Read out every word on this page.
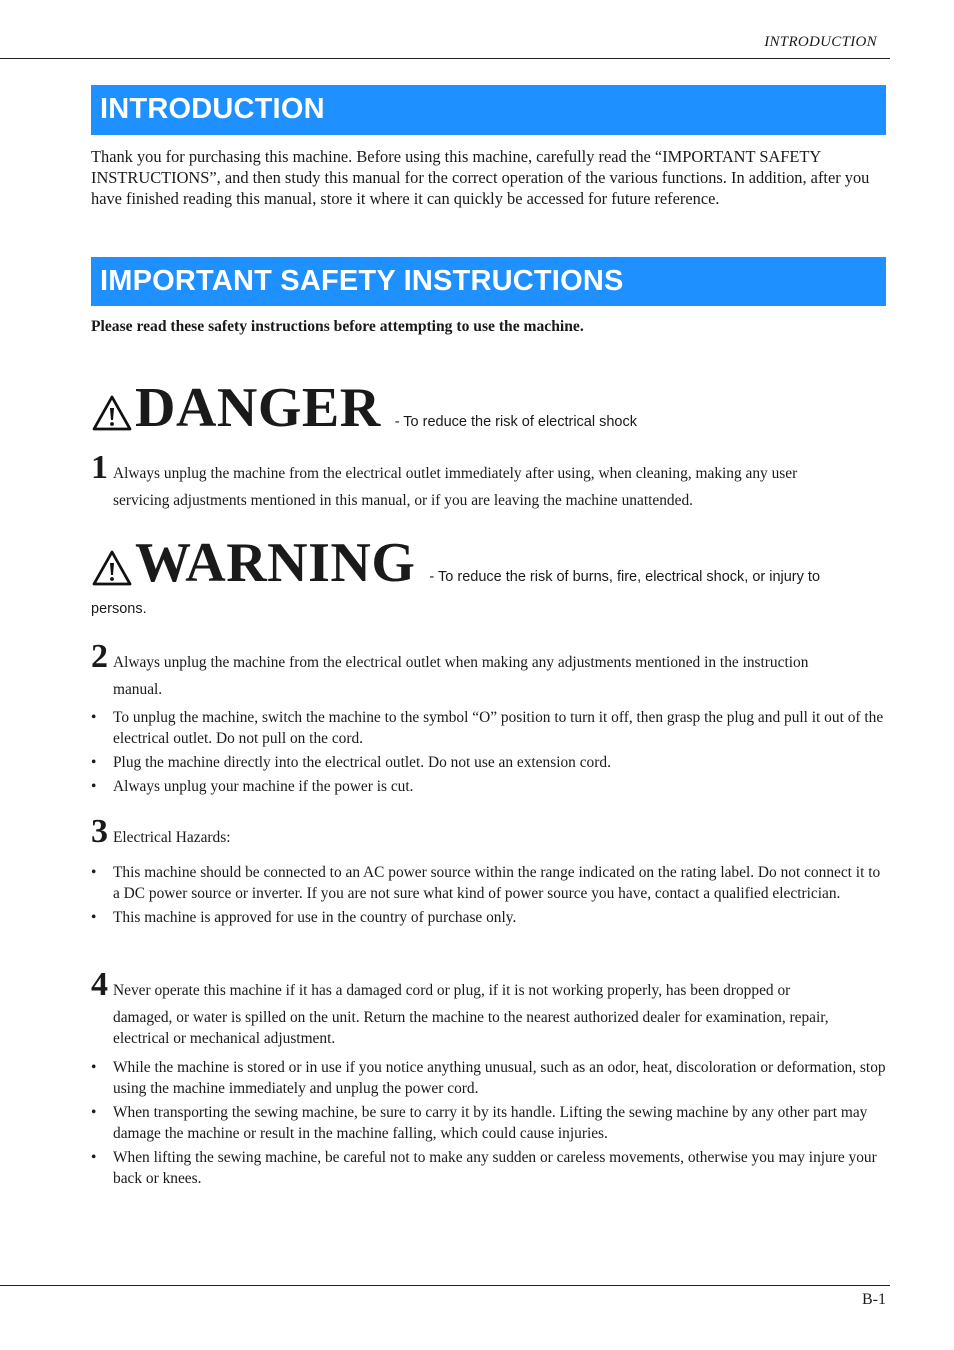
INTRODUCTION
INTRODUCTION

Thank you for purchasing this machine. Before using this machine, carefully read the “IMPORTANT SAFETY INSTRUCTIONS”, and then study this manual for the correct operation of the various functions. In addition, after you have finished reading this manual, store it where it can quickly be accessed for future reference.

IMPORTANT SAFETY INSTRUCTIONS

Please read these safety instructions before attempting to use the machine.

DANGER - To reduce the risk of electrical shock
1 Always unplug the machine from the electrical outlet immediately after using, when cleaning, making any user
servicing adjustments mentioned in this manual, or if you are leaving the machine unattended.
WARNING - To reduce the risk of burns, fire, electrical shock, or injury to
persons.
2 Always unplug the machine from the electrical outlet when making any adjustments mentioned in the instruction
manual.
• To unplug the machine, switch the machine to the symbol “O” position to turn it off, then grasp the plug and pull it out of the electrical outlet. Do not pull on the cord.
• Plug the machine directly into the electrical outlet. Do not use an extension cord.
• Always unplug your machine if the power is cut.
3 Electrical Hazards:
• This machine should be connected to an AC power source within the range indicated on the rating label. Do not connect it to a DC power source or inverter. If you are not sure what kind of power source you have, contact a qualified electrician.
• This machine is approved for use in the country of purchase only.
4 Never operate this machine if it has a damaged cord or plug, if it is not working properly, has been dropped or
damaged, or water is spilled on the unit. Return the machine to the nearest authorized dealer for examination, repair, electrical or mechanical adjustment.
• While the machine is stored or in use if you notice anything unusual, such as an odor, heat, discoloration or deformation, stop using the machine immediately and unplug the power cord.
• When transporting the sewing machine, be sure to carry it by its handle. Lifting the sewing machine by any other part may damage the machine or result in the machine falling, which could cause injuries.
• When lifting the sewing machine, be careful not to make any sudden or careless movements, otherwise you may injure your back or knees.
B-1
